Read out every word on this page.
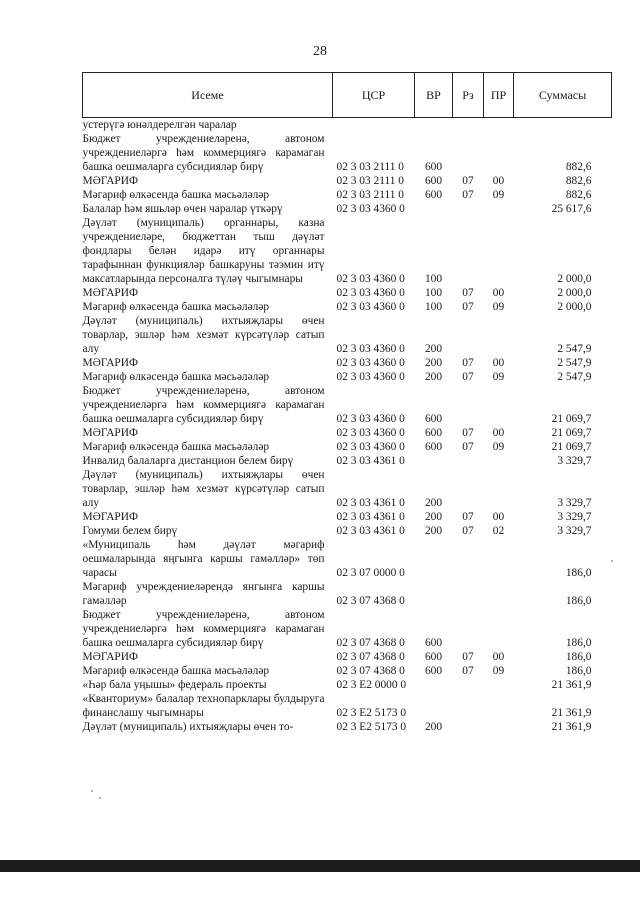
28
Исеме	ЦСР	ВР	Рз	ПР	Суммасы
устерүгә юнәлдерелгән чаралар					
Бюджет учреждениеләренә, автоном учреждениеләргә һәм коммерциягә карамаган башка оешмаларга субсидияләр бирү	02 3 03 2111 0	600			882,6
МӘГАРИФ	02 3 03 2111 0	600	07	00	882,6
Мәгариф өлкәсендә башка мәсьәләләр	02 3 03 2111 0	600	07	09	882,6
Балалар һәм яшьләр өчен чаралар үткәрү	02 3 03 4360 0				25 617,6
Дәүләт (муниципаль) органнары, казна учреждениеләре, бюджеттан тыш дәүләт фондлары белән идарә итү органнары тарафыннан функцияләр башкаруны тәэмин итү максатларында персоналга түләү чыгымнары	02 3 03 4360 0	100			2 000,0
МӘГАРИФ	02 3 03 4360 0	100	07	00	2 000,0
Мәгариф өлкәсендә башка мәсьәләләр	02 3 03 4360 0	100	07	09	2 000,0
Дәүләт (муниципаль) ихтыяҗлары өчен товарлар, эшләр һәм хезмәт күрсәтүләр сатып алу	02 3 03 4360 0	200			2 547,9
МӘГАРИФ	02 3 03 4360 0	200	07	00	2 547,9
Мәгариф өлкәсендә башка мәсьәләләр	02 3 03 4360 0	200	07	09	2 547,9
Бюджет учреждениеләренә, автоном учреждениеләргә һәм коммерциягә карамаган башка оешмаларга субсидияләр бирү	02 3 03 4360 0	600			21 069,7
МӘГАРИФ	02 3 03 4360 0	600	07	00	21 069,7
Мәгариф өлкәсендә башка мәсьәләләр	02 3 03 4360 0	600	07	09	21 069,7
Инвалид балаларга дистанцион белем бирү	02 3 03 4361 0				3 329,7
Дәүләт (муниципаль) ихтыяҗлары өчен товарлар, эшләр һәм хезмәт күрсәтүләр сатып алу	02 3 03 4361 0	200			3 329,7
МӘГАРИФ	02 3 03 4361 0	200	07	00	3 329,7
Гомуми белем бирү	02 3 03 4361 0	200	07	02	3 329,7
«Муниципаль һәм дәүләт мәгариф оешмаларында яңгынга каршы гамәлләр» төп чарасы	02 3 07 0000 0				186,0
Мәгариф учреждениеләрендә янгынга каршы гамәлләр	02 3 07 4368 0				186,0
Бюджет учреждениеләренә, автоном учреждениеләргә һәм коммерциягә карамаган башка оешмаларга субсидияләр бирү	02 3 07 4368 0	600			186,0
МӘГАРИФ	02 3 07 4368 0	600	07	00	186,0
Мәгариф өлкәсендә башка мәсьәләләр	02 3 07 4368 0	600	07	09	186,0
«Һәр бала уңышы» федераль проекты	02 3 E2 0000 0				21 361,9
«Кванториум» балалар технопарклары булдыруга финанслашу чыгымнары	02 3 E2 5173 0				21 361,9
Дәүләт (муниципаль) ихтыяҗлары өчен то-	02 3 E2 5173 0	200			21 361,9
